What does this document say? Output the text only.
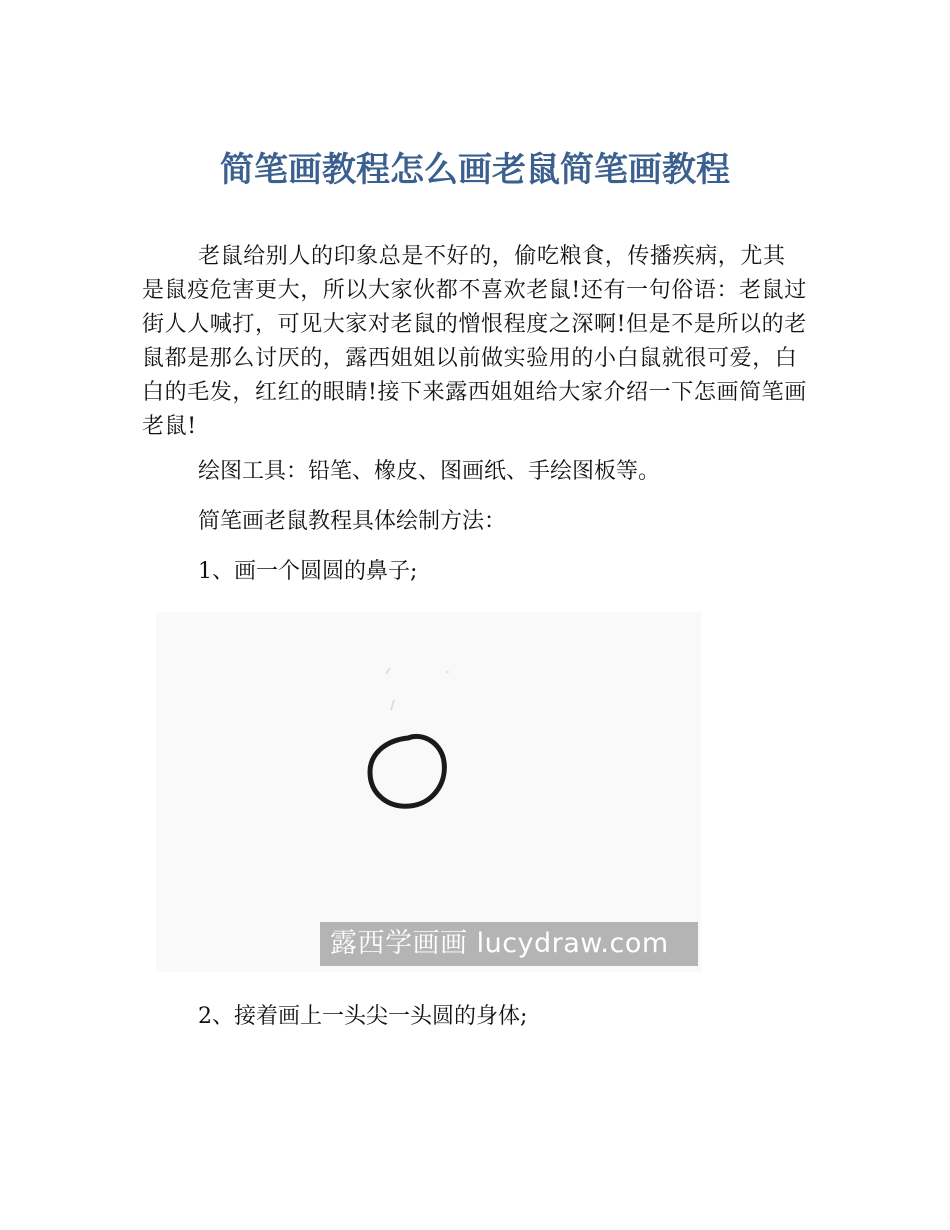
简笔画教程怎么画老鼠简笔画教程

老鼠给别人的印象总是不好的，偷吃粮食，传播疾病，尤其是鼠疫危害更大，所以大家伙都不喜欢老鼠!还有一句俗语：老鼠过街人人喊打，可见大家对老鼠的憎恨程度之深啊!但是不是所以的老鼠都是那么讨厌的，露西姐姐以前做实验用的小白鼠就很可爱，白白的毛发，红红的眼睛!接下来露西姐姐给大家介绍一下怎画简笔画老鼠!

绘图工具：铅笔、橡皮、图画纸、手绘图板等。

简笔画老鼠教程具体绘制方法：

1、画一个圆圆的鼻子;

露西学画画 lucydraw.com

2、接着画上一头尖一头圆的身体;
